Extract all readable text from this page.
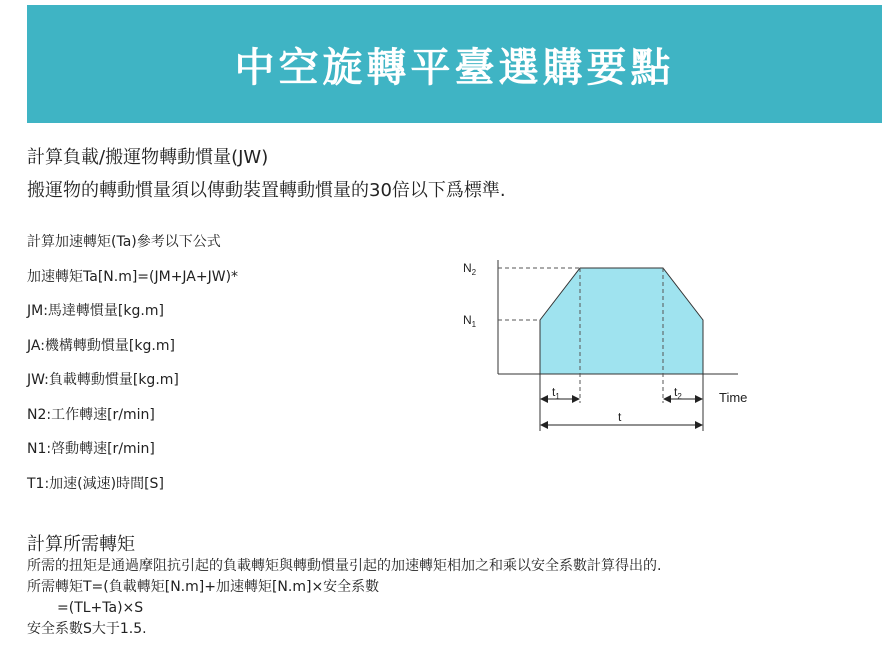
中空旋轉平臺選購要點
計算負載/搬運物轉動慣量(JW)
搬運物的轉動慣量須以傳動裝置轉動慣量的30倍以下爲標準.
計算加速轉矩(Ta)參考以下公式
加速轉矩Ta[N.m]=(JM+JA+JW)*
JM:馬達轉慣量[kg.m]
JA:機構轉動慣量[kg.m]
JW:負載轉動慣量[kg.m]
N2:工作轉速[r/min]
N1:啓動轉速[r/min]
T1:加速(減速)時間[S]
$t_1$	$t_2$
t
$N_2$
$N_1$
Time
計算所需轉矩
所需的扭矩是通過摩阻抗引起的負載轉矩與轉動慣量引起的加速轉矩相加之和乘以安全系數計算得出的.
所需轉矩T=(負載轉矩[N.m]+加速轉矩[N.m]×安全系數
=(TL+Ta)×S
安全系數S大于1.5.
